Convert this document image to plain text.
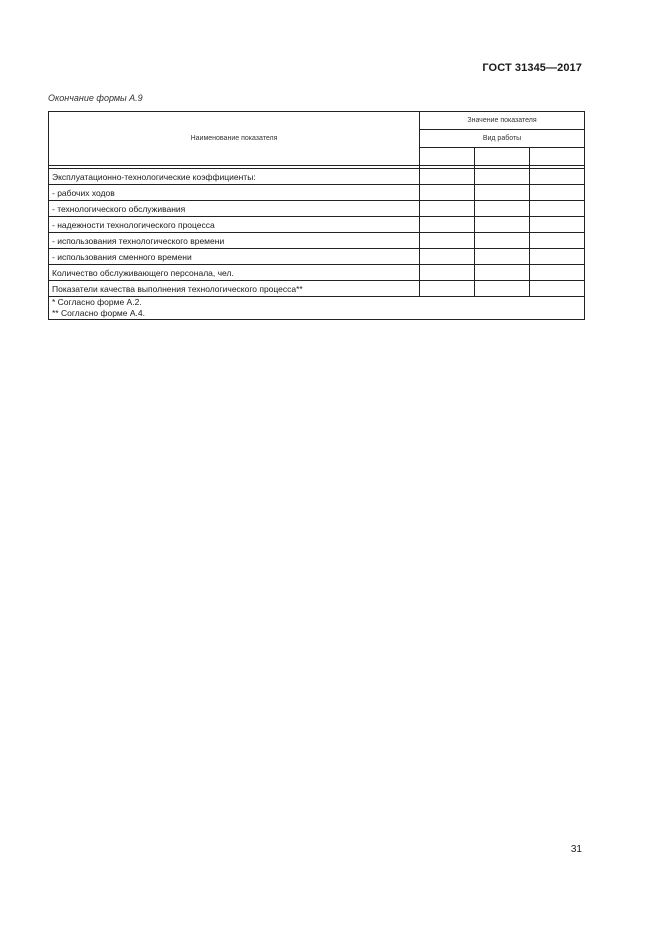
ГОСТ 31345—2017
Окончание формы А.9
Наименование показателя	Значение показателя		
	Вид работы		

Эксплуатационно-технологические коэффициенты:			
- рабочих ходов			
- технологического обслуживания			
- надежности технологического процесса			
- использования технологического времени			
- использования сменного времени			
Количество обслуживающего персонала, чел.			
Показатели качества выполнения технологического процесса**			

* Согласно форме А.2.
** Согласно форме А.4.			
31
